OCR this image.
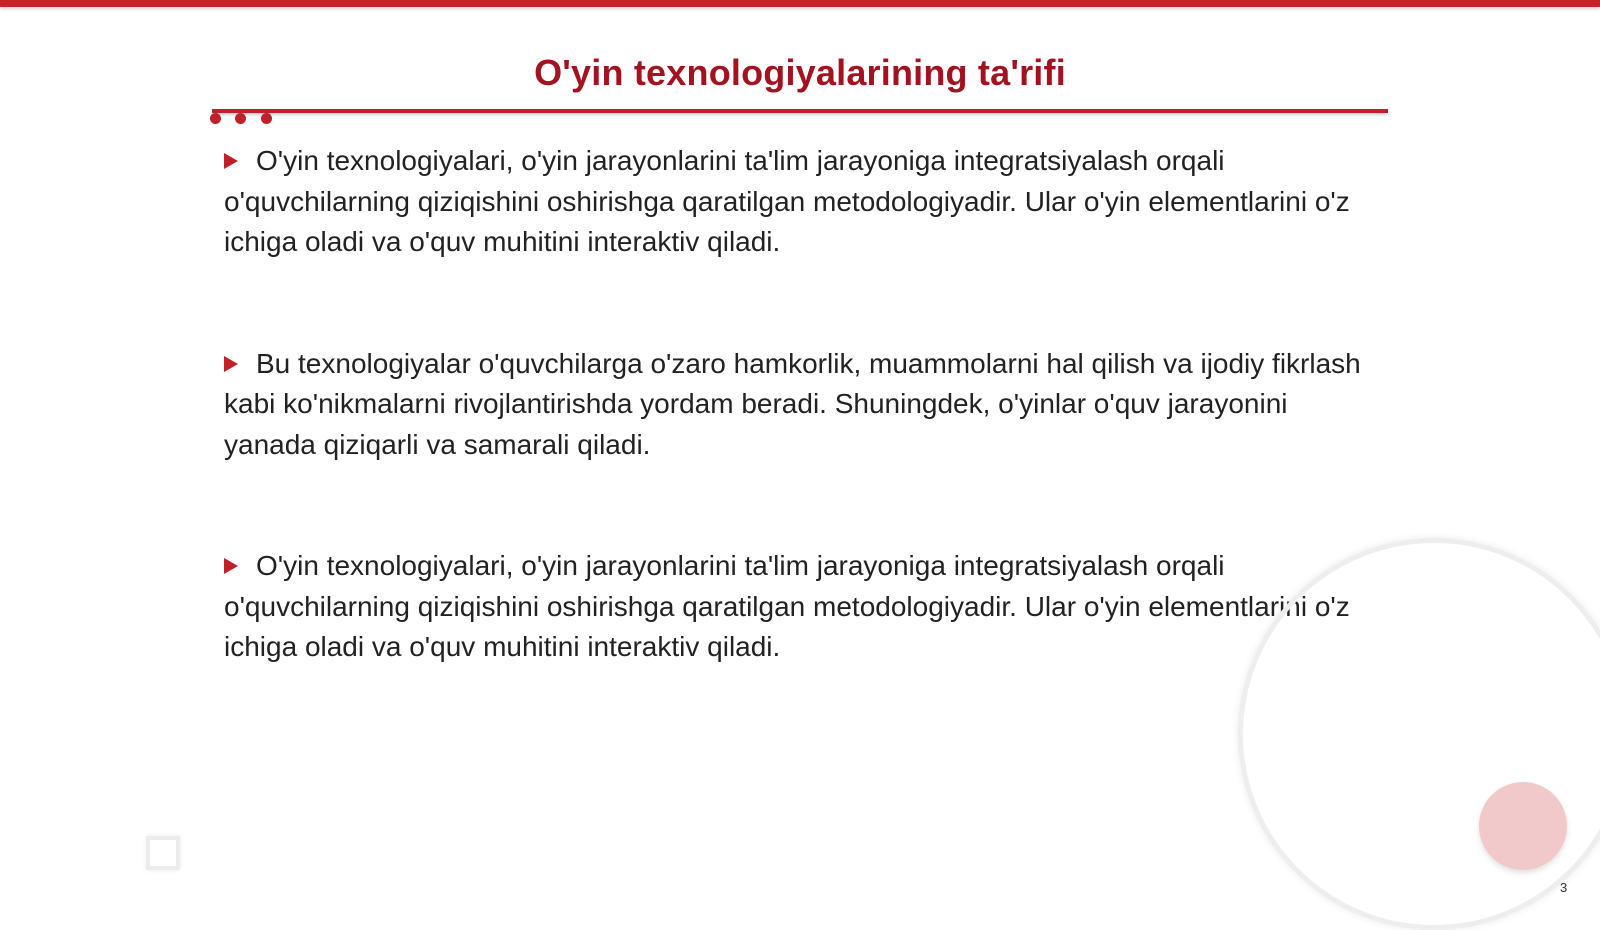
O'yin texnologiyalarining ta'rifi

O'yin texnologiyalari, o'yin jarayonlarini ta'lim jarayoniga integratsiyalash orqali o'quvchilarning qiziqishini oshirishga qaratilgan metodologiyadir. Ular o'yin elementlarini o'z ichiga oladi va o'quv muhitini interaktiv qiladi.

Bu texnologiyalar o'quvchilarga o'zaro hamkorlik, muammolarni hal qilish va ijodiy fikrlash kabi ko'nikmalarni rivojlantirishda yordam beradi. Shuningdek, o'yinlar o'quv jarayonini yanada qiziqarli va samarali qiladi.

O'yin texnologiyalari, o'yin jarayonlarini ta'lim jarayoniga integratsiyalash orqali o'quvchilarning qiziqishini oshirishga qaratilgan metodologiyadir. Ular o'yin elementlarini o'z ichiga oladi va o'quv muhitini interaktiv qiladi.

3
